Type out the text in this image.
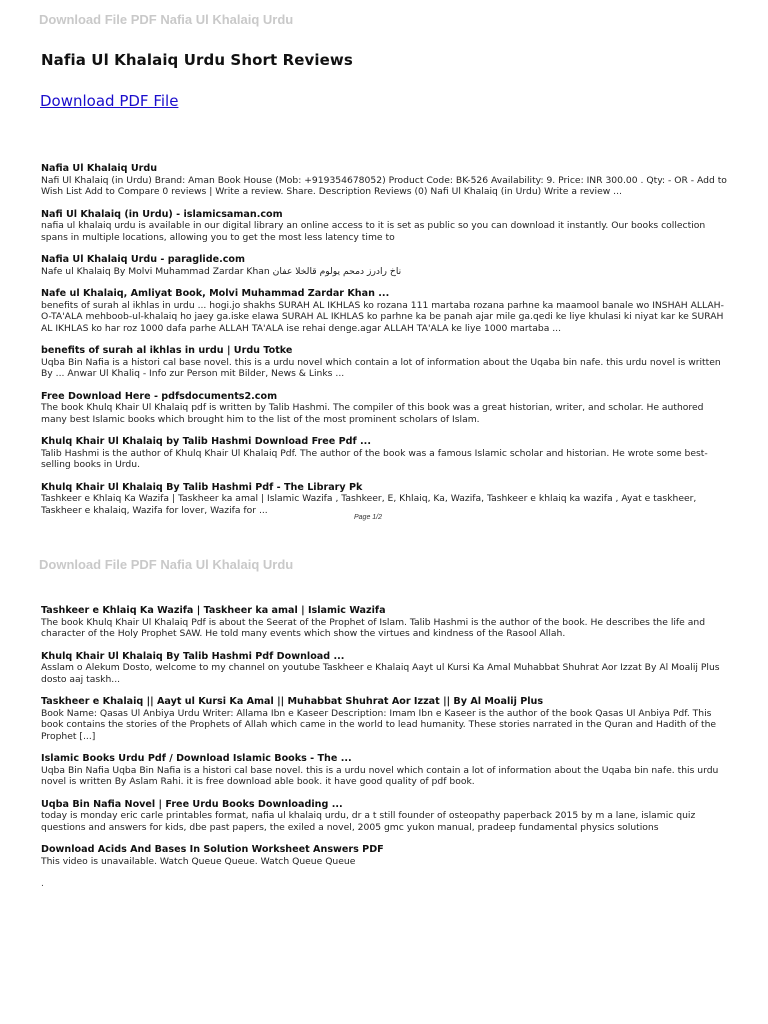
Download File PDF Nafia Ul Khalaiq Urdu
Nafia Ul Khalaiq Urdu Short Reviews
Download PDF File
Nafia Ul Khalaiq Urdu
Nafi Ul Khalaiq (in Urdu) Brand: Aman Book House (Mob: +919354678052) Product Code: BK-526 Availability: 9. Price: INR 300.00 . Qty: - OR - Add to Wish List Add to Compare 0 reviews | Write a review. Share. Description Reviews (0) Nafi Ul Khalaiq (in Urdu) Write a review ...
Nafi Ul Khalaiq (in Urdu) - islamicsaman.com
nafia ul khalaiq urdu is available in our digital library an online access to it is set as public so you can download it instantly. Our books collection spans in multiple locations, allowing you to get the most less latency time to
Nafia Ul Khalaiq Urdu - paraglide.com
Nafe ul Khalaiq By Molvi Muhammad Zardar Khan ناخ رادرز دمحم یولوم قالخلا عفان
Nafe ul Khalaiq, Amliyat Book, Molvi Muhammad Zardar Khan ...
benefits of surah al ikhlas in urdu ... hogi.jo shakhs SURAH AL IKHLAS ko rozana 111 martaba rozana parhne ka maamool banale wo INSHAH ALLAH-O-TA'ALA mehboob-ul-khalaiq ho jaey ga.iske elawa SURAH AL IKHLAS ko parhne ka be panah ajar mile ga.qedi ke liye khulasi ki niyat kar ke SURAH AL IKHLAS ko har roz 1000 dafa parhe ALLAH TA'ALA ise rehai denge.agar ALLAH TA'ALA ke liye 1000 martaba ...
benefits of surah al ikhlas in urdu | Urdu Totke
Uqba Bin Nafia is a histori cal base novel. this is a urdu novel which contain a lot of information about the Uqaba bin nafe. this urdu novel is written By ... Anwar Ul Khaliq - Info zur Person mit Bilder, News & Links ...
Free Download Here - pdfsdocuments2.com
The book Khulq Khair Ul Khalaiq pdf is written by Talib Hashmi. The compiler of this book was a great historian, writer, and scholar. He authored many best Islamic books which brought him to the list of the most prominent scholars of Islam.
Khulq Khair Ul Khalaiq by Talib Hashmi Download Free Pdf ...
Talib Hashmi is the author of Khulq Khair Ul Khalaiq Pdf. The author of the book was a famous Islamic scholar and historian. He wrote some best-selling books in Urdu.
Khulq Khair Ul Khalaiq By Talib Hashmi Pdf - The Library Pk
Tashkeer e Khlaiq Ka Wazifa | Taskheer ka amal | Islamic Wazifa , Tashkeer, E, Khlaiq, Ka, Wazifa, Tashkeer e khlaiq ka wazifa , Ayat e taskheer, Taskheer e khalaiq, Wazifa for lover, Wazifa for ...
Page 1/2
Download File PDF Nafia Ul Khalaiq Urdu
Tashkeer e Khlaiq Ka Wazifa | Taskheer ka amal | Islamic Wazifa
The book Khulq Khair Ul Khalaiq Pdf is about the Seerat of the Prophet of Islam. Talib Hashmi is the author of the book. He describes the life and character of the Holy Prophet SAW. He told many events which show the virtues and kindness of the Rasool Allah.
Khulq Khair Ul Khalaiq By Talib Hashmi Pdf Download ...
Asslam o Alekum Dosto, welcome to my channel on youtube Taskheer e Khalaiq Aayt ul Kursi Ka Amal Muhabbat Shuhrat Aor Izzat By Al Moalij Plus dosto aaj taskh...
Taskheer e Khalaiq || Aayt ul Kursi Ka Amal || Muhabbat Shuhrat Aor Izzat || By Al Moalij Plus
Book Name: Qasas Ul Anbiya Urdu Writer: Allama Ibn e Kaseer Description: Imam Ibn e Kaseer is the author of the book Qasas Ul Anbiya Pdf. This book contains the stories of the Prophets of Allah which came in the world to lead humanity. These stories narrated in the Quran and Hadith of the Prophet [...]
Islamic Books Urdu Pdf / Download Islamic Books - The ...
Uqba Bin Nafia Uqba Bin Nafia is a histori cal base novel. this is a urdu novel which contain a lot of information about the Uqaba bin nafe. this urdu novel is written By Aslam Rahi. it is free download able book. it have good quality of pdf book.
Uqba Bin Nafia Novel | Free Urdu Books Downloading ...
today is monday eric carle printables format, nafia ul khalaiq urdu, dr a t still founder of osteopathy paperback 2015 by m a lane, islamic quiz questions and answers for kids, dbe past papers, the exiled a novel, 2005 gmc yukon manual, pradeep fundamental physics solutions
Download Acids And Bases In Solution Worksheet Answers PDF
This video is unavailable. Watch Queue Queue. Watch Queue Queue
.
